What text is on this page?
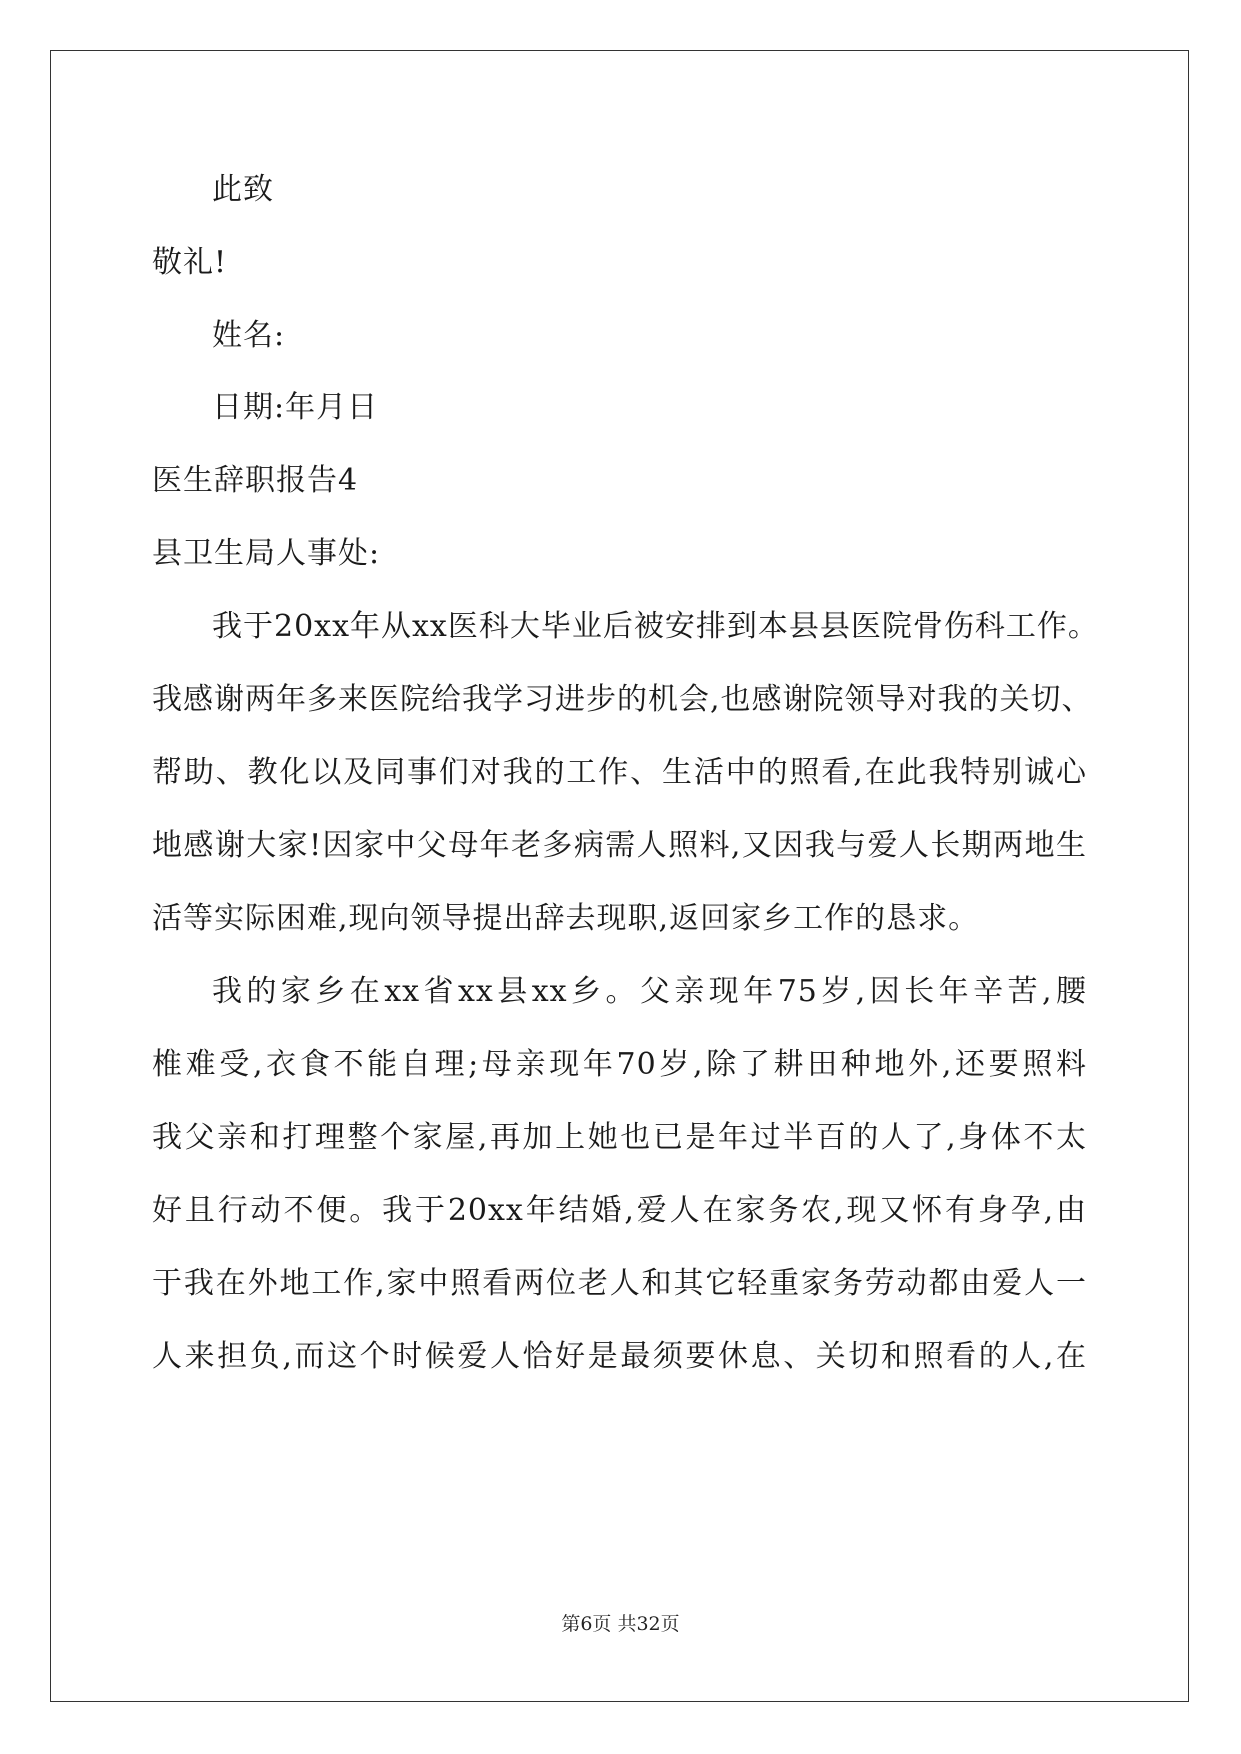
此致
敬礼!
姓名:
日期:年月日
医生辞职报告4
县卫生局人事处:
我于20xx年从xx医科大毕业后被安排到本县县医院骨伤科工作。
我感谢两年多来医院给我学习进步的机会,也感谢院领导对我的关切、
帮助、教化以及同事们对我的工作、生活中的照看,在此我特别诚心
地感谢大家!因家中父母年老多病需人照料,又因我与爱人长期两地生
活等实际困难,现向领导提出辞去现职,返回家乡工作的恳求。
我的家乡在xx省xx县xx乡。父亲现年75岁,因长年辛苦,腰
椎难受,衣食不能自理;母亲现年70岁,除了耕田种地外,还要照料
我父亲和打理整个家屋,再加上她也已是年过半百的人了,身体不太
好且行动不便。我于20xx年结婚,爱人在家务农,现又怀有身孕,由
于我在外地工作,家中照看两位老人和其它轻重家务劳动都由爱人一
人来担负,而这个时候爱人恰好是最须要休息、关切和照看的人,在
第6页 共32页
